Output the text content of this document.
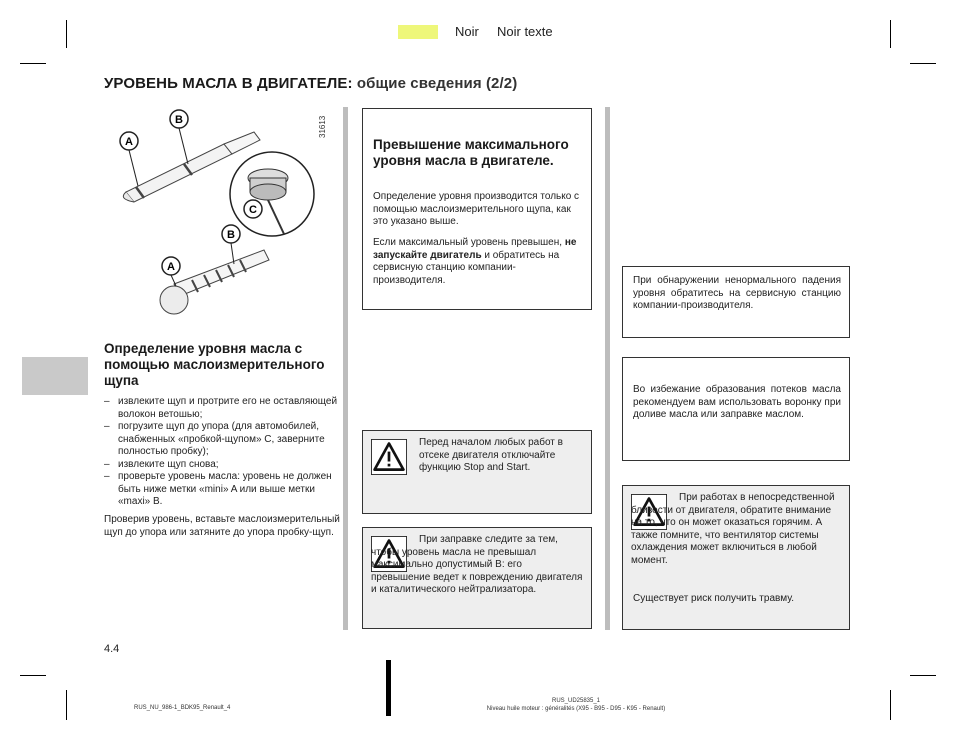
Noir Noir texte
УРОВЕНЬ МАСЛА В ДВИГАТЕЛЕ: общие сведения (2/2)
31613
A
B
C
B
A
Определение уровня масла с помощью маслоизмерительного щупа
– извлеките щуп и протрите его не оставляющей волокон ветошью;
– погрузите щуп до упора (для автомобилей, снабженных «пробкой-щупом» C, заверните полностью пробку);
– извлеките щуп снова;
– проверьте уровень масла: уровень не должен быть ниже метки «mini» A или выше метки «maxi» B.
Проверив уровень, вставьте маслоизмерительный щуп до упора или затяните до упора пробку-щуп.
Превышение максимального уровня масла в двигателе.
Определение уровня производится только с помощью маслоизмерительного щупа, как это указано выше.
Если максимальный уровень превышен, не запускайте двигатель и обратитесь на сервисную станцию компании-производителя.
Перед началом любых работ в отсеке двигателя отключайте функцию Stop and Start.
При заправке следите за тем, чтобы уровень масла не превышал максимально допустимый B: его превышение ведет к повреждению двигателя и каталитического нейтрализатора.
При обнаружении ненормального падения уровня обратитесь на сервисную станцию компании-производителя.
Во избежание образования потеков масла рекомендуем вам использовать воронку при доливе масла или заправке маслом.
При работах в непосредственной близости от двигателя, обратите внимание на то, что он может оказаться горячим. А также помните, что вентилятор системы охлаждения может включиться в любой момент.
Существует риск получить травму.
4.4
RUS_NU_986-1_BDK95_Renault_4
RUS_UD25835_1
Niveau huile moteur : généralités (X95 - B95 - D95 - K95 - Renault)
